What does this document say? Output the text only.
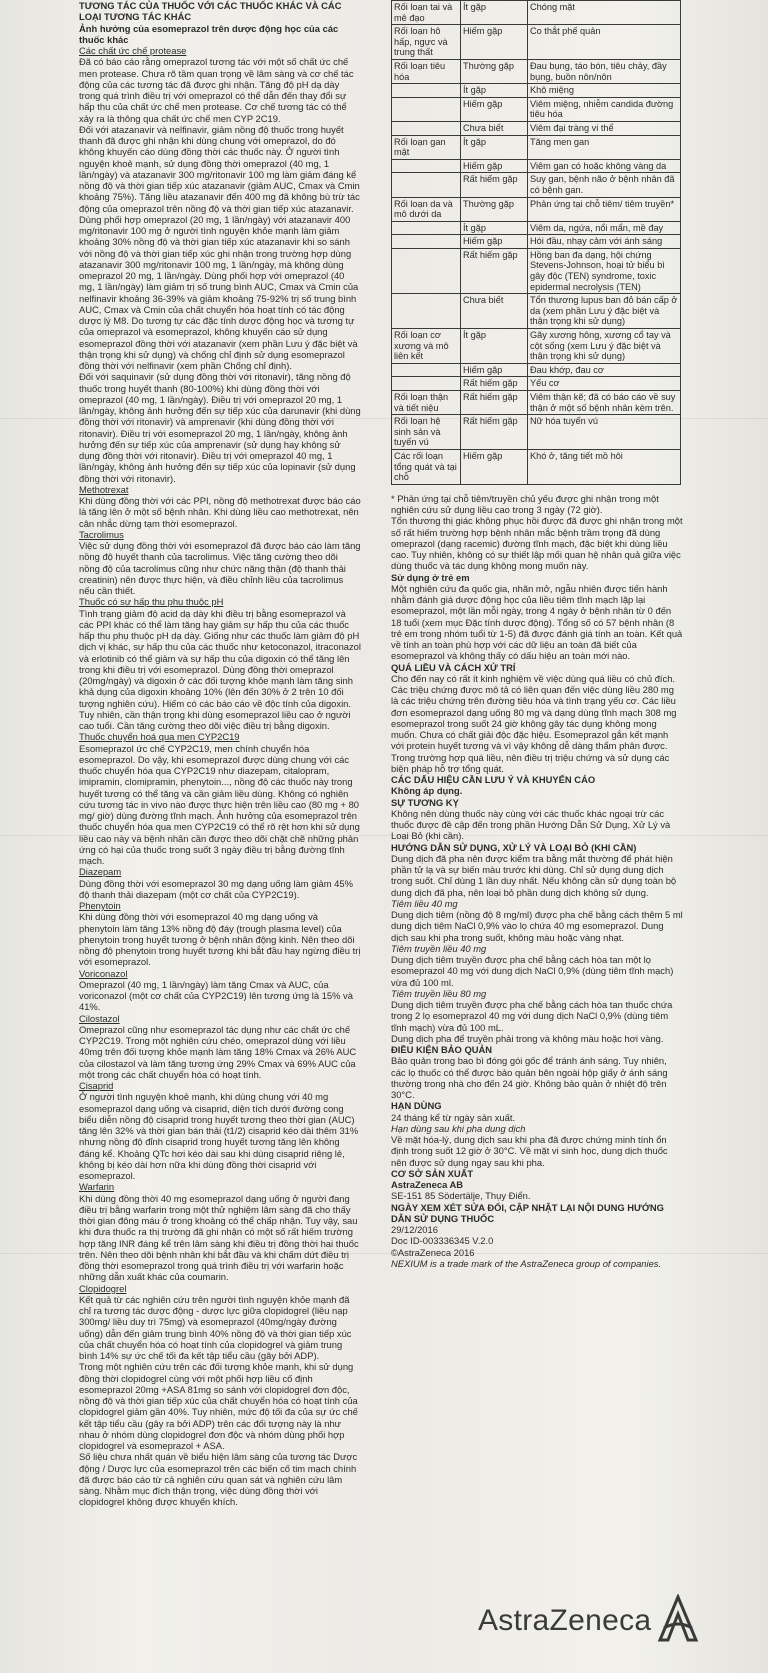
TƯƠNG TÁC CỦA THUỐC VỚI CÁC THUỐC KHÁC VÀ CÁC LOẠI TƯƠNG TÁC KHÁC

Ảnh hưởng của esomeprazol trên dược động học của các thuốc khác

Các chất ức chế protease

Đã có báo cáo rằng omeprazol tương tác với một số chất ức chế men protease. Chưa rõ tầm quan trọng về lâm sàng và cơ chế tác động của các tương tác đã được ghi nhận. Tăng độ pH dạ dày trong quá trình điều trị với omeprazol có thể dẫn đến thay đổi sự hấp thu của chất ức chế men protease. Cơ chế tương tác có thể xảy ra là thông qua chất ức chế men CYP 2C19.

Đối với atazanavir và nelfinavir, giảm nồng độ thuốc trong huyết thanh đã được ghi nhận khi dùng chung với omeprazol, do đó không khuyến cáo dùng đồng thời các thuốc này. Ở người tình nguyện khoẻ mạnh, sử dụng đồng thời omeprazol (40 mg, 1 lần/ngày) và atazanavir 300 mg/ritonavir 100 mg làm giảm đáng kể nồng độ và thời gian tiếp xúc atazanavir (giảm AUC, Cmax và Cmin khoảng 75%). Tăng liều atazanavir đến 400 mg đã không bù trừ tác động của omeprazol trên nồng độ và thời gian tiếp xúc atazanavir. Dùng phối hợp omeprazol (20 mg, 1 lần/ngày) với atazanavir 400 mg/ritonavir 100 mg ở người tình nguyện khỏe mạnh làm giảm khoảng 30% nồng độ và thời gian tiếp xúc atazanavir khi so sánh với nồng độ và thời gian tiếp xúc ghi nhận trong trường hợp dùng atazanavir 300 mg/ritonavir 100 mg, 1 lần/ngày, mà không dùng omeprazol 20 mg, 1 lần/ngày. Dùng phối hợp với omeprazol (40 mg, 1 lần/ngày) làm giảm trị số trung bình AUC, Cmax và Cmin của nelfinavir khoảng 36-39% và giảm khoảng 75-92% trị số trung bình AUC, Cmax và Cmin của chất chuyển hóa hoạt tính có tác động dược lý M8. Do tương tự các đặc tính dược động học và tương tự của omeprazol và esomeprazol, không khuyến cáo sử dụng esomeprazol đồng thời với atazanavir (xem phần Lưu ý đặc biệt và thận trọng khi sử dụng) và chống chỉ định sử dụng esomeprazol đồng thời với nelfinavir (xem phần Chống chỉ định).

Đối với saquinavir (sử dụng đồng thời với ritonavir), tăng nồng độ thuốc trong huyết thanh (80-100%) khi dùng đồng thời với omeprazol (40 mg, 1 lần/ngày). Điều trị với omeprazol 20 mg, 1 lần/ngày, không ảnh hưởng đến sự tiếp xúc của darunavir (khi dùng đồng thời với ritonavir) và amprenavir (khi dùng đồng thời với ritonavir). Điều trị với esomeprazol 20 mg, 1 lần/ngày, không ảnh hưởng đến sự tiếp xúc của amprenavir (sử dụng hay không sử dụng đồng thời với ritonavir). Điều trị với omeprazol 40 mg, 1 lần/ngày, không ảnh hưởng đến sự tiếp xúc của lopinavir (sử dụng đồng thời với ritonavir).

Methotrexat

Khi dùng đồng thời với các PPI, nồng độ methotrexat được báo cáo là tăng lên ở một số bệnh nhân. Khi dùng liều cao methotrexat, nên cân nhắc dừng tạm thời esomeprazol.

Tacrolimus

Việc sử dụng đồng thời với esomeprazol đã được báo cáo làm tăng nồng độ huyết thanh của tacrolimus. Việc tăng cường theo dõi nồng độ của tacrolimus cũng như chức năng thận (độ thanh thải creatinin) nên được thực hiện, và điều chỉnh liều của tacrolimus nếu cần thiết.

Thuốc có sự hấp thu phụ thuộc pH

Tình trạng giảm độ acid dạ dày khi điều trị bằng esomeprazol và các PPI khác có thể làm tăng hay giảm sự hấp thu của các thuốc hấp thu phụ thuộc pH dạ dày. Giống như các thuốc làm giảm độ pH dịch vị khác, sự hấp thu của các thuốc như ketoconazol, itraconazol và erlotinib có thể giảm và sự hấp thu của digoxin có thể tăng lên trong khi điều trị với esomeprazol. Dùng đồng thời omeprazol (20mg/ngày) và digoxin ở các đối tượng khỏe mạnh làm tăng sinh khả dụng của digoxin khoảng 10% (lên đến 30% ở 2 trên 10 đối tượng nghiên cứu). Hiếm có các báo cáo về độc tính của digoxin. Tuy nhiên, cần thận trọng khi dùng esomeprazol liều cao ở người cao tuổi. Cần tăng cường theo dõi việc điều trị bằng digoxin.

Thuốc chuyển hoá qua men CYP2C19

Esomeprazol ức chế CYP2C19, men chính chuyển hóa esomeprazol. Do vậy, khi esomeprazol được dùng chung với các thuốc chuyển hóa qua CYP2C19 như diazepam, citalopram, imipramin, clomipramin, phenytoin..., nồng độ các thuốc này trong huyết tương có thể tăng và cần giảm liều dùng. Không có nghiên cứu tương tác in vivo nào được thực hiện trên liều cao (80 mg + 80 mg/ giờ) dùng đường tĩnh mạch. Ảnh hưởng của esomeprazol trên thuốc chuyển hóa qua men CYP2C19 có thể rõ rệt hơn khi sử dụng liều cao này và bệnh nhân cần được theo dõi chặt chẽ những phản ứng có hại của thuốc trong suốt 3 ngày điều trị bằng đường tĩnh mạch.

Diazepam

Dùng đồng thời với esomeprazol 30 mg dạng uống làm giảm 45% độ thanh thải diazepam (một cơ chất của CYP2C19).

Phenytoin

Khi dùng đồng thời với esomeprazol 40 mg dạng uống và phenytoin làm tăng 13% nồng độ đáy (trough plasma level) của phenytoin trong huyết tương ở bệnh nhân động kinh. Nên theo dõi nồng độ phenytoin trong huyết tương khi bắt đầu hay ngừng điều trị với esomeprazol.

Voriconazol

Omeprazol (40 mg, 1 lần/ngày) làm tăng Cmax và AUC, của voriconazol (một cơ chất của CYP2C19) lên tương ứng là 15% và 41%.

Cilostazol

Omeprazol cũng như esomeprazol tác dụng như các chất ức chế CYP2C19. Trong một nghiên cứu chéo, omeprazol dùng với liều 40mg trên đối tượng khỏe mạnh làm tăng 18% Cmax và 26% AUC của cilostazol và làm tăng tương ứng 29% Cmax và 69% AUC của một trong các chất chuyển hóa có hoạt tính.

Cisaprid

Ở người tình nguyện khoẻ mạnh, khi dùng chung với 40 mg esomeprazol dạng uống và cisaprid, diện tích dưới đường cong biểu diễn nồng độ cisaprid trong huyết tương theo thời gian (AUC) tăng lên 32% và thời gian bán thải (t1/2) cisaprid kéo dài thêm 31% nhưng nồng độ đỉnh cisaprid trong huyết tương tăng lên không đáng kể. Khoảng QTc hơi kéo dài sau khi dùng cisaprid riêng lẻ, không bị kéo dài hơn nữa khi dùng đồng thời cisaprid với esomeprazol.

Warfarin

Khi dùng đồng thời 40 mg esomeprazol dạng uống ở người đang điều trị bằng warfarin trong một thử nghiệm lâm sàng đã cho thấy thời gian đông máu ở trong khoảng có thể chấp nhận. Tuy vậy, sau khi đưa thuốc ra thị trường đã ghi nhận có một số rất hiếm trường hợp tăng INR đáng kể trên lâm sàng khi điều trị đồng thời hai thuốc trên. Nên theo dõi bệnh nhân khi bắt đầu và khi chấm dứt điều trị đồng thời esomeprazol trong quá trình điều trị với warfarin hoặc những dẫn xuất khác của coumarin.

Clopidogrel

Kết quả từ các nghiên cứu trên người tình nguyện khỏe mạnh đã chỉ ra tương tác dược động - dược lực giữa clopidogrel (liều nạp 300mg/ liều duy trì 75mg) và esomeprazol (40mg/ngày đường uống) dẫn đến giảm trung bình 40% nồng độ và thời gian tiếp xúc của chất chuyển hóa có hoạt tính của clopidogrel và giảm trung bình 14% sự ức chế tối đa kết tập tiểu cầu (gây bởi ADP).

Trong một nghiên cứu trên các đối tượng khỏe mạnh, khi sử dụng đồng thời clopidogrel cùng với một phối hợp liều cố định esomeprazol 20mg +ASA 81mg so sánh với clopidogrel đơn độc, nồng độ và thời gian tiếp xúc của chất chuyển hóa có hoạt tính của clopidogrel giảm gần 40%. Tuy nhiên, mức độ tối đa của sự ức chế kết tập tiểu cầu (gây ra bởi ADP) trên các đối tượng này là như nhau ở nhóm dùng clopidogrel đơn độc và nhóm dùng phối hợp clopidogrel và esomeprazol + ASA.

Số liệu chưa nhất quán về biểu hiện lâm sàng của tương tác Dược động / Dược lực của esomeprazol trên các biến cố tim mạch chính đã được báo cáo từ cả nghiên cứu quan sát và nghiên cứu lâm sàng. Nhằm mục đích thận trọng, việc dùng đồng thời với clopidogrel không được khuyến khích.

Rối loạn tai và mê đạo	Ít gặp	Chóng mặt
Rối loạn hô hấp, ngực và trung thất	Hiếm gặp	Co thắt phế quản
Rối loạn tiêu hóa	Thường gặp	Đau bụng, táo bón, tiêu chảy, đầy bụng, buồn nôn/nôn
	Ít gặp	Khô miệng
	Hiếm gặp	Viêm miệng, nhiễm candida đường tiêu hóa
	Chưa biết	Viêm đại tràng vi thể
Rối loạn gan mật	Ít gặp	Tăng men gan
	Hiếm gặp	Viêm gan có hoặc không vàng da
	Rất hiếm gặp	Suy gan, bệnh não ở bệnh nhân đã có bệnh gan.
Rối loạn da và mô dưới da	Thường gặp	Phản ứng tại chỗ tiêm/ tiêm truyền*
	Ít gặp	Viêm da, ngứa, nổi mẩn, mề đay
	Hiếm gặp	Hói đầu, nhạy cảm với ánh sáng
	Rất hiếm gặp	Hồng ban đa dạng, hội chứng Stevens-Johnson, hoại tử biểu bì gây độc (TEN) syndrome, toxic epidermal necrolysis (TEN)
	Chưa biết	Tổn thương lupus ban đỏ bán cấp ở da (xem phần Lưu ý đặc biệt và thận trọng khi sử dụng)
Rối loạn cơ xương và mô liên kết	Ít gặp	Gãy xương hông, xương cổ tay và cột sống (xem Lưu ý đặc biệt và thận trọng khi sử dụng)
	Hiếm gặp	Đau khớp, đau cơ
	Rất hiếm gặp	Yếu cơ
Rối loạn thận và tiết niệu	Rất hiếm gặp	Viêm thận kẽ; đã có báo cáo về suy thận ở một số bệnh nhân kèm trên.
Rối loạn hệ sinh sản và tuyến vú	Rất hiếm gặp	Nữ hóa tuyến vú
Các rối loạn tổng quát và tại chỗ	Hiếm gặp	Khó ở, tăng tiết mồ hôi

* Phản ứng tại chỗ tiêm/truyền chủ yếu được ghi nhận trong một nghiên cứu sử dụng liều cao trong 3 ngày (72 giờ).

Tổn thương thị giác không phục hồi được đã được ghi nhận trong một số rất hiếm trường hợp bệnh nhân mắc bệnh trầm trọng đã dùng omeprazol (dạng racemic) đường tĩnh mạch, đặc biệt khi dùng liều cao. Tuy nhiên, không có sự thiết lập mối quan hệ nhân quả giữa việc dùng thuốc và tác dụng không mong muốn này.

Sử dụng ở trẻ em

Một nghiên cứu đa quốc gia, nhãn mở, ngẫu nhiên được tiến hành nhằm đánh giá dược động học của liều tiêm tĩnh mạch lặp lại esomeprazol, một lần mỗi ngày, trong 4 ngày ở bệnh nhân từ 0 đến 18 tuổi (xem mục Đặc tính dược động). Tổng số có 57 bệnh nhân (8 trẻ em trong nhóm tuổi từ 1-5) đã được đánh giá tính an toàn. Kết quả về tính an toàn phù hợp với các dữ liệu an toàn đã biết của esomeprazol và không thấy có dấu hiệu an toàn mới nào.

QUÁ LIỀU VÀ CÁCH XỬ TRÍ

Cho đến nay có rất ít kinh nghiệm về việc dùng quá liều có chủ đích. Các triệu chứng được mô tả có liên quan đến việc dùng liều 280 mg là các triệu chứng trên đường tiêu hóa và tình trạng yếu cơ. Các liều đơn esomeprazol dạng uống 80 mg và dạng dùng tĩnh mạch 308 mg esomeprazol trong suốt 24 giờ không gây tác dụng không mong muốn. Chưa có chất giải độc đặc hiệu. Esomeprazol gắn kết mạnh với protein huyết tương và vì vậy không dễ dàng thẩm phân được. Trong trường hợp quá liều, nên điều trị triệu chứng và sử dụng các biện pháp hỗ trợ tổng quát.

CÁC DẤU HIỆU CẦN LƯU Ý VÀ KHUYẾN CÁO

Không áp dụng.

SỰ TƯƠNG KỴ

Không nên dùng thuốc này cùng với các thuốc khác ngoại trừ các thuốc được đề cập đến trong phần Hướng Dẫn Sử Dụng, Xử Lý và Loại Bỏ (khi cần).

HƯỚNG DẪN SỬ DỤNG, XỬ LÝ VÀ LOẠI BỎ (KHI CẦN)

Dung dịch đã pha nên được kiểm tra bằng mắt thường để phát hiện phần tử lạ và sự biến màu trước khi dùng. Chỉ sử dụng dung dịch trong suốt. Chỉ dùng 1 lần duy nhất. Nếu không cần sử dụng toàn bộ dung dịch đã pha, nên loại bỏ phần dung dịch không sử dụng.

Tiêm liều 40 mg

Dung dịch tiêm (nồng độ 8 mg/ml) được pha chế bằng cách thêm 5 ml dung dịch tiêm NaCl 0,9% vào lọ chứa 40 mg esomeprazol. Dung dịch sau khi pha trong suốt, không màu hoặc vàng nhạt.

Tiêm truyền liều 40 mg

Dung dịch tiêm truyền được pha chế bằng cách hòa tan một lọ esomeprazol 40 mg với dung dịch NaCl 0,9% (dùng tiêm tĩnh mạch) vừa đủ 100 ml.

Tiêm truyền liều 80 mg

Dung dịch tiêm truyền được pha chế bằng cách hòa tan thuốc chứa trong 2 lọ esomeprazol 40 mg với dung dịch NaCl 0,9% (dùng tiêm tĩnh mạch) vừa đủ 100 mL.

Dung dịch pha để truyền phải trong và không màu hoặc hơi vàng.

ĐIỀU KIỆN BẢO QUẢN

Bảo quản trong bao bì đóng gói gốc để tránh ánh sáng. Tuy nhiên, các lọ thuốc có thể được bảo quản bên ngoài hộp giấy ở ánh sáng thường trong nhà cho đến 24 giờ. Không bảo quản ở nhiệt độ trên 30°C.

HẠN DÙNG

24 tháng kể từ ngày sản xuất.

Hạn dùng sau khi pha dung dịch

Về mặt hóa-lý, dung dịch sau khi pha đã được chứng minh tính ổn định trong suốt 12 giờ ở 30°C. Về mặt vi sinh học, dung dịch thuốc nên được sử dụng ngay sau khi pha.

CƠ SỞ SẢN XUẤT

AstraZeneca AB

SE-151 85 Södertälje, Thụy Điển.

NGÀY XEM XÉT SỬA ĐỔI, CẬP NHẬT LẠI NỘI DUNG HƯỚNG DẪN SỬ DỤNG THUỐC

29/12/2016

Doc ID-003336345 V.2.0

©AstraZeneca 2016

NEXIUM is a trade mark of the AstraZeneca group of companies.

AstraZeneca
